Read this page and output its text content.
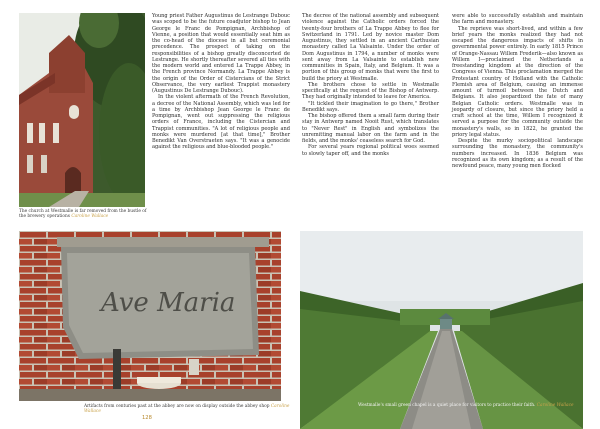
The church at Westmalle is far removed from the bustle of the brewery operations Caroline Wallace

Young priest Father Augustinus de Lestrange Dubouc was scoped to be the future coadjutor bishop to Jean George le Franc de Pompignan, Archbishop of Vienne, a position that would essentially seat him as the co-head of the diocese in all but ceremonial precedence. The prospect of taking on the responsibilities of a bishop greatly disconcerted de Lestrange. He shortly thereafter severed all ties with the modern world and entered La Trappe Abbey, in the French province Normandy. La Trappe Abbey is the origin of the Order of Cistercians of the Strict Observance, the very earliest Trappist monastery (Augustinus De Lestrange Dubouc).

In the violent aftermath of the French Revolution, a decree of the National Assembly, which was led for a time by Archbishop Jean George le Franc de Pompignan, went out suppressing the religious orders of France, including the Cistercian and Trappist communities. "A lot of religious people and monks were murdered [at that time]," Brother Benedikt Van Overstraeten says. "It was a genocide against the religious and blue-blooded people."

The decree of the national assembly and subsequent violence against the Catholic orders forced the twenty-four brothers of La Trappe Abbey to flee for Switzerland in 1791. Led by novice master Dom Augustinus, they settled in an ancient Carthusian monastery called La Valsainte. Under the order of Dom Augustinus in 1794, a number of monks were sent away from La Valsainte to establish new communities in Spain, Italy, and Belgium. It was a portion of this group of monks that were the first to build the priory at Westmalle.

The brothers chose to settle in Westmalle specifically at the request of the Bishop of Antwerp. They had originally intended to leave for America.

"It tickled their imagination to go there," Brother Benedikt says.

The bishop offered them a small farm during their stay in Antwerp named Nooit Rust, which translates to "Never Rest" in English and symbolizes the unremitting manual labor on the farm and in the fields, and the monks' ceaseless search for God.

For several years regional political woes seemed to slowly taper off, and the monks

were able to successfully establish and maintain the farm and monastery.

The reprieve was short-lived, and within a few brief years the monks realized they had not escaped the dangerous impacts of shifts in governmental power entirely. In early 1815 Prince of Orange-Nassau Willem Frederik—also known as Willem I—proclaimed the Netherlands a freestanding kingdom at the direction of the Congress of Vienna. This proclamation merged the Protestant country of Holland with the Catholic Flemish area of Belgium, causing an immense amount of turmoil between the Dutch and Belgians. It also jeopardized the fate of many Belgian Catholic orders. Westmalle was in jeopardy of closure, but since the priory held a craft school at the time, Willem I recognized it served a purpose for the community outside the monastery's walls, so in 1822, he granted the priory legal status.

Despite the murky sociopolitical landscape surrounding the monastery, the community's numbers increased. In 1836 Belgium was recognized as its own kingdom; as a result of the newfound peace, many young men flocked

Ave Maria
Artifacts from centuries past at the abbey are now on display outside the abbey shop Caroline Wallace
Westmalle's small green chapel is a quiet place for visitors to practice their faith. Caroline Wallace
128
